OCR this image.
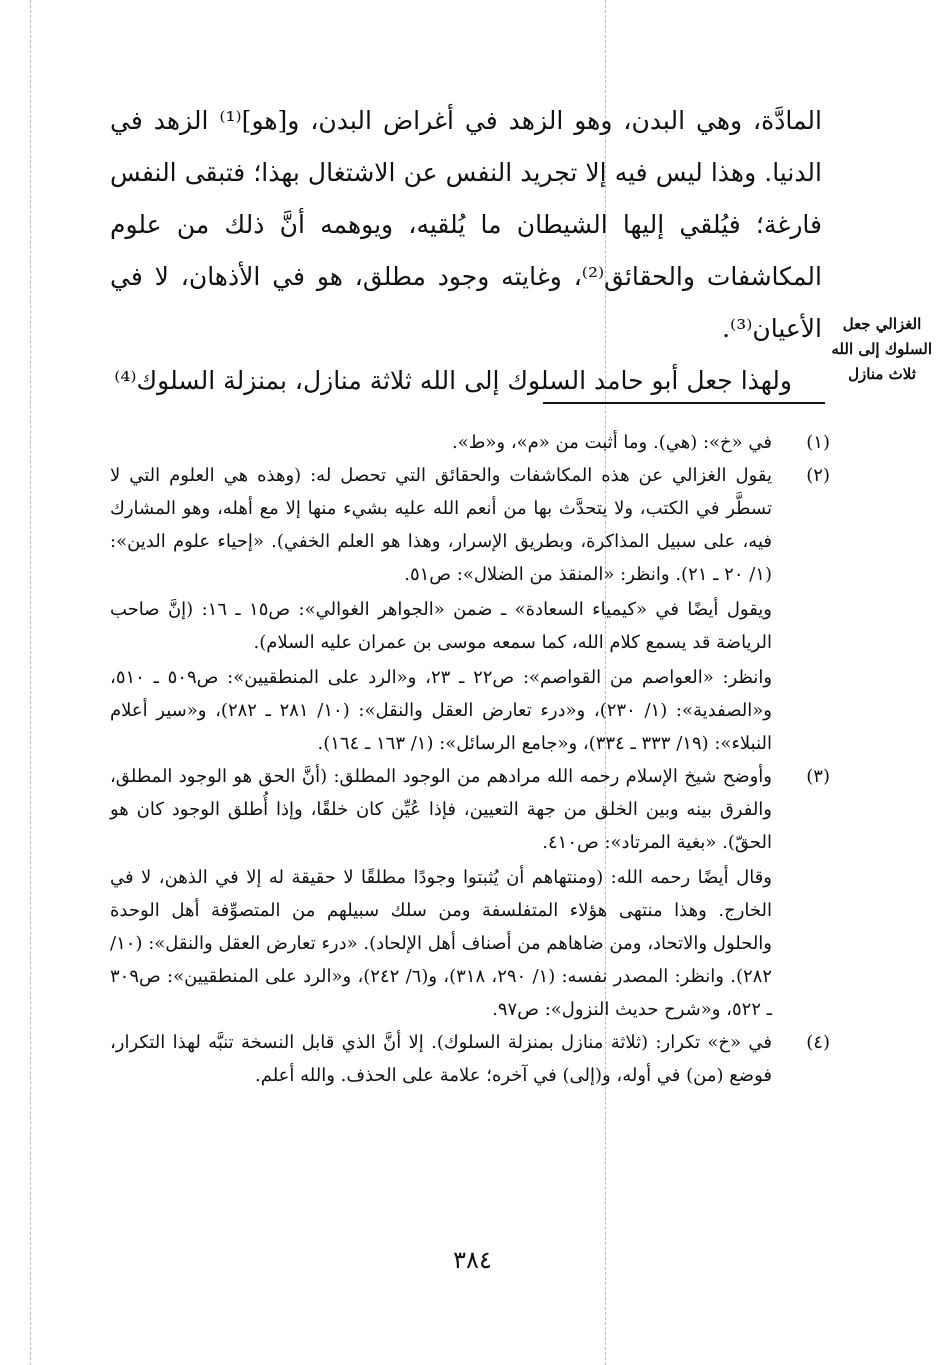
المادَّة، وهي البدن، وهو الزهد في أغراض البدن، و[هو]⁽¹⁾ الزهد في الدنيا. وهذا ليس فيه إلا تجريد النفس عن الاشتغال بهذا؛ فتبقى النفس فارغة؛ فيُلقي إليها الشيطان ما يُلقيه، ويوهمه أنَّ ذلك من علوم المكاشفات والحقائق⁽²⁾، وغايته وجود مطلق، هو في الأذهان، لا في الأعيان⁽³⁾.

ولهذا جعل أبو حامد السلوك إلى الله ثلاثة منازل، بمنزلة السلوك⁽⁴⁾

الغزالي جعل
السلوك إلى الله
ثلاث منازل
(١)

في «خ»: (هي). وما أثبت من «م»، و«ط».

(٢)

يقول الغزالي عن هذه المكاشفات والحقائق التي تحصل له: (وهذه هي العلوم التي لا تسطَّر في الكتب، ولا يتحدَّث بها من أنعم الله عليه بشيء منها إلا مع أهله، وهو المشارك فيه، على سبيل المذاكرة، وبطريق الإسرار، وهذا هو العلم الخفي). «إحياء علوم الدين»: (١/ ٢٠ ـ ٢١). وانظر: «المنقذ من الضلال»: ص٥١.

ويقول أيضًا في «كيمياء السعادة» ـ ضمن «الجواهر الغوالي»: ص١٥ ـ ١٦: (إنَّ صاحب الرياضة قد يسمع كلام الله، كما سمعه موسى بن عمران عليه السلام).

وانظر: «العواصم من القواصم»: ص٢٢ ـ ٢٣، و«الرد على المنطقيين»: ص٥٠٩ ـ ٥١٠، و«الصفدية»: (١/ ٢٣٠)، و«درء تعارض العقل والنقل»: (١٠/ ٢٨١ ـ ٢٨٢)، و«سير أعلام النبلاء»: (١٩/ ٣٣٣ ـ ٣٣٤)، و«جامع الرسائل»: (١/ ١٦٣ ـ ١٦٤).

(٣)

وأوضح شيخ الإسلام رحمه الله مرادهم من الوجود المطلق: (أنَّ الحق هو الوجود المطلق، والفرق بينه وبين الخلق من جهة التعيين، فإذا عُيِّن كان خلقًا، وإذا أُطلق الوجود كان هو الحقّ). «بغية المرتاد»: ص٤١٠.

وقال أيضًا رحمه الله: (ومنتهاهم أن يُثبتوا وجودًا مطلقًا لا حقيقة له إلا في الذهن، لا في الخارج. وهذا منتهى هؤلاء المتفلسفة ومن سلك سبيلهم من المتصوِّفة أهل الوحدة والحلول والاتحاد، ومن ضاهاهم من أصناف أهل الإلحاد). «درء تعارض العقل والنقل»: (١٠/ ٢٨٢). وانظر: المصدر نفسه: (١/ ٢٩٠، ٣١٨)، و(٦/ ٢٤٢)، و«الرد على المنطقيين»: ص٣٠٩ ـ ٥٢٢، و«شرح حديث النزول»: ص٩٧.

(٤)

في «خ» تكرار: (ثلاثة منازل بمنزلة السلوك). إلا أنَّ الذي قابل النسخة تنبَّه لهذا التكرار، فوضع (من) في أوله، و(إلى) في آخره؛ علامة على الحذف. والله أعلم.

٣٨٤
